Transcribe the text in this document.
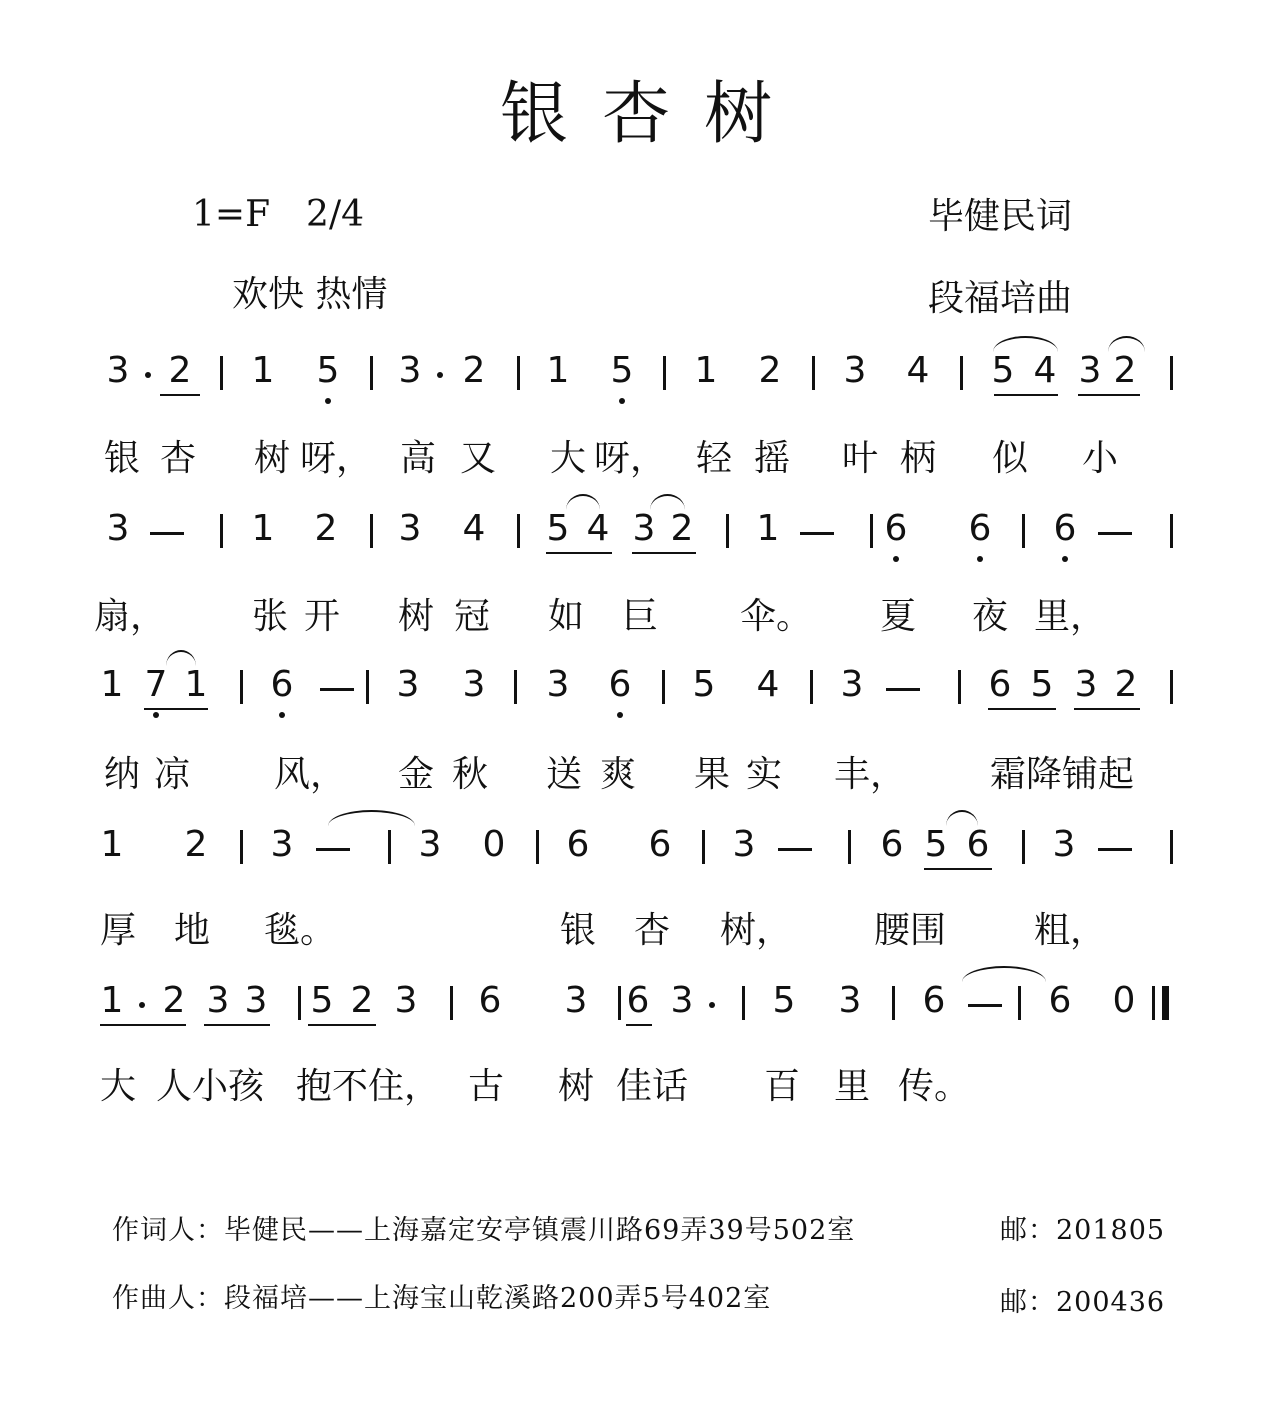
银杏树
1=F　2/4
欢快 热情
毕健民词
段福培曲
3 2 1 5 3 2 1 5 1 2 3 4 5 4 3 2
银 杏 树 呀， 高 又 大 呀， 轻 摇 叶 柄 似 小
3	1 2 3 4 5 4 3 2 1	6 6 6
扇， 张 开 树 冠 如 巨 伞。 夏 夜 里，
1 7 1 6	3 3 3 6 5 4 3	6 5 3 2
纳 凉 风， 金 秋 送 爽 果 实 丰， 霜降铺起
1 2 3	3 0 6 6 3	6 5 6 3
厚 地 毯。	银 杏 树， 腰围 粗，
1 2 3 3 5 2 3 6 3 6 3 5 3 6	6 0
大 人小孩 抱不住， 古 树 佳话 百 里 传。
作词人：毕健民——上海嘉定安亭镇震川路69弄39号502室	邮：201805
作曲人：段福培——上海宝山乾溪路200弄5号402室	邮：200436
